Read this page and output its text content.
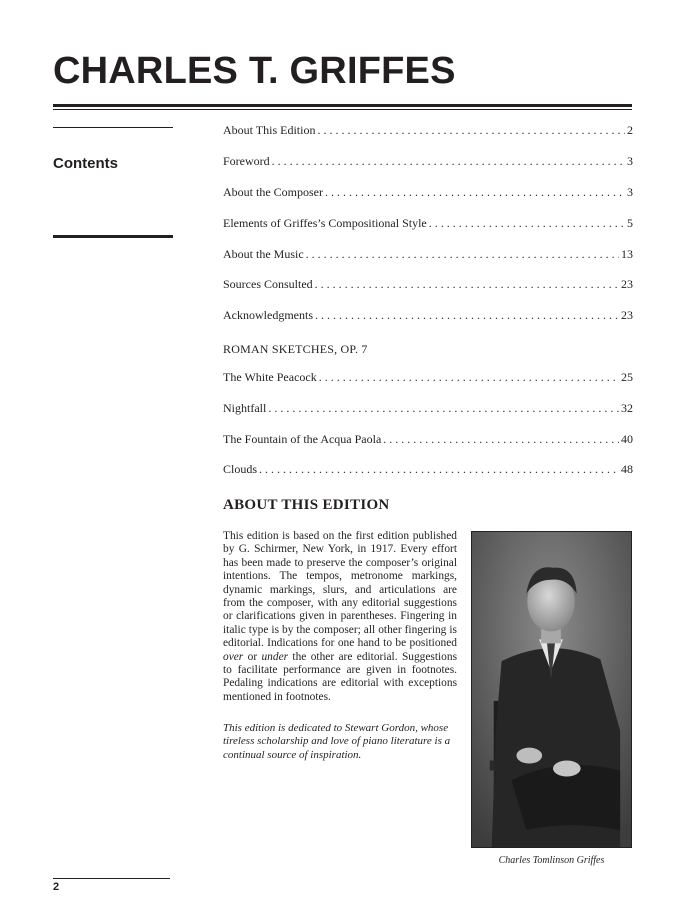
CHARLES T. GRIFFES
Contents
About This Edition . . .	2
Foreword . . .	3
About the Composer . . .	3
Elements of Griffes’s Compositional Style . . .	5
About the Music . . .	13
Sources Consulted . . .	23
Acknowledgments . . .	23
ROMAN SKETCHES, OP. 7
The White Peacock . . .	25
Nightfall . . .	32
The Fountain of the Acqua Paola . . .	40
Clouds . . .	48
ABOUT THIS EDITION

This edition is based on the first edition published by G. Schirmer, New York, in 1917. Every effort has been made to preserve the composer’s original intentions. The tempos, metronome markings, dynamic markings, slurs, and articulations are from the composer, with any editorial suggestions or clarifications given in parentheses. Fingering in italic type is by the composer; all other fingering is editorial. Indications for one hand to be positioned over or under the other are editorial. Suggestions to facilitate performance are given in footnotes. Pedaling indications are editorial with exceptions mentioned in footnotes.

This edition is dedicated to Stewart Gordon, whose tireless scholarship and love of piano literature is a continual source of inspiration.

Charles Tomlinson Griffes
2
